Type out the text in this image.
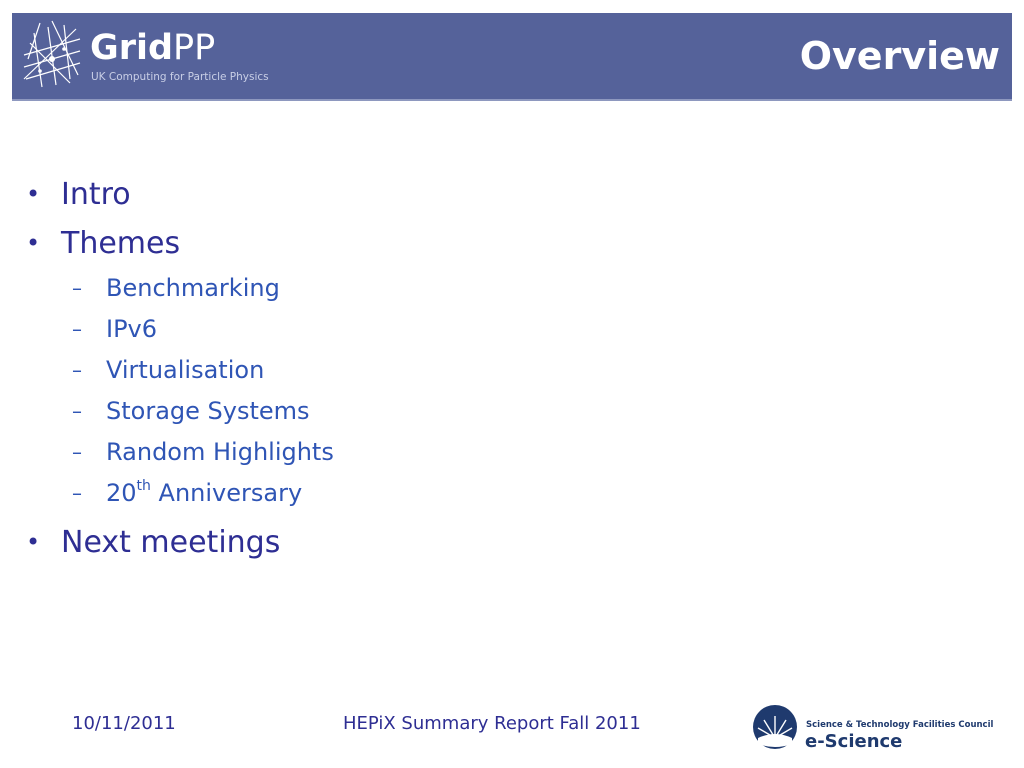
GridPP
UK Computing for Particle Physics	Overview
• Intro
• Themes
– Benchmarking
– IPv6
– Virtualisation
– Storage Systems
– Random Highlights
– 20th Anniversary
• Next meetings
10/11/2011	HEPiX Summary Report Fall 2011	Science & Technology Facilities Council
e-Science
